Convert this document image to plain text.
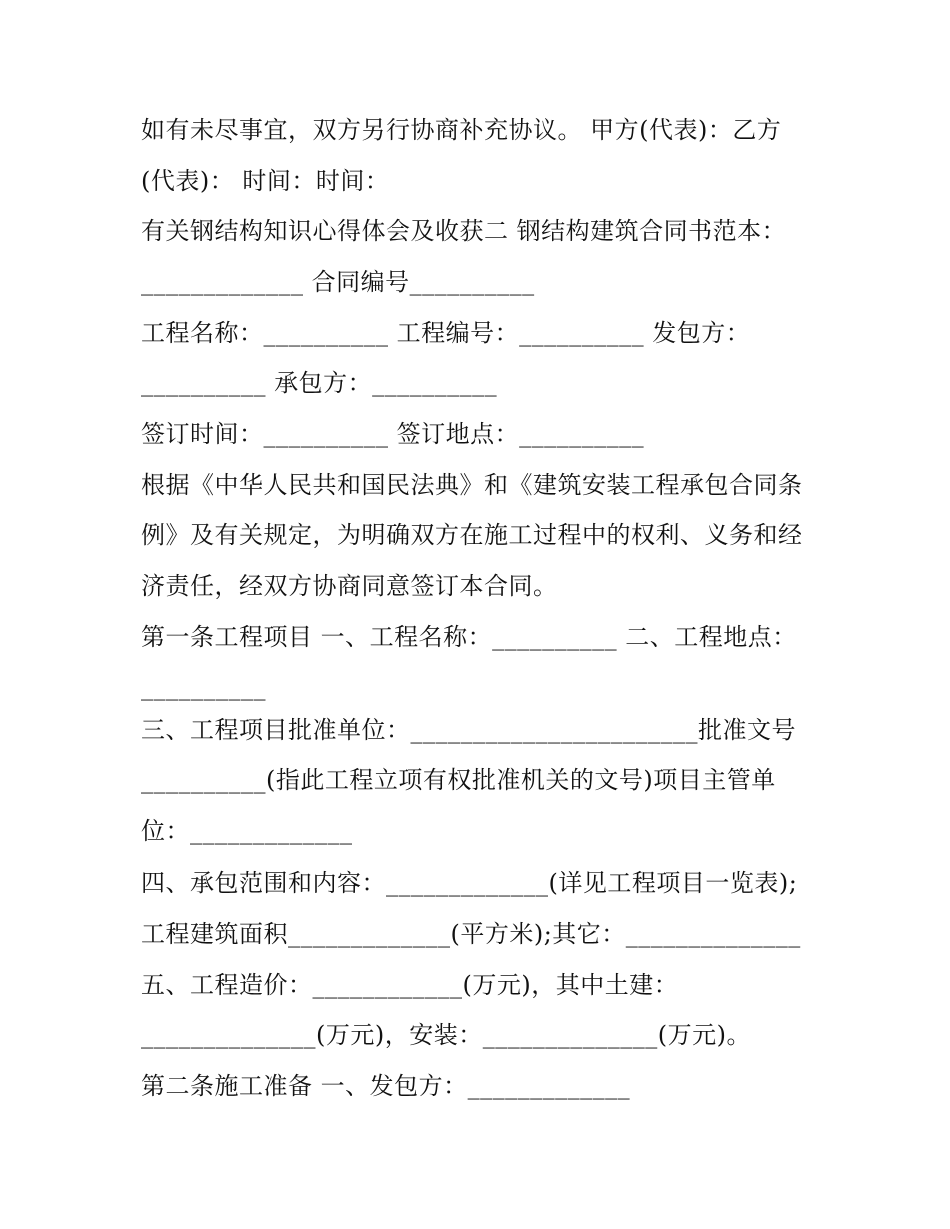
如有未尽事宜，双方另行协商补充协议。 甲方(代表)：乙方
(代表)： 时间：时间：
有关钢结构知识心得体会及收获二 钢结构建筑合同书范本：
_____________ 合同编号__________
工程名称：__________ 工程编号：__________ 发包方：
__________ 承包方：__________
签订时间：__________ 签订地点：__________
根据《中华人民共和国民法典》和《建筑安装工程承包合同条
例》及有关规定，为明确双方在施工过程中的权利、义务和经
济责任，经双方协商同意签订本合同。
第一条工程项目 一、工程名称：__________ 二、工程地点：
__________
三、工程项目批准单位：_______________________批准文号
__________(指此工程立项有权批准机关的文号)项目主管单
位：_____________
四、承包范围和内容：_____________(详见工程项目一览表);
工程建筑面积_____________(平方米);其它：______________
五、工程造价：____________(万元)，其中土建：
______________(万元)，安装：______________(万元)。
第二条施工准备 一、发包方：_____________
